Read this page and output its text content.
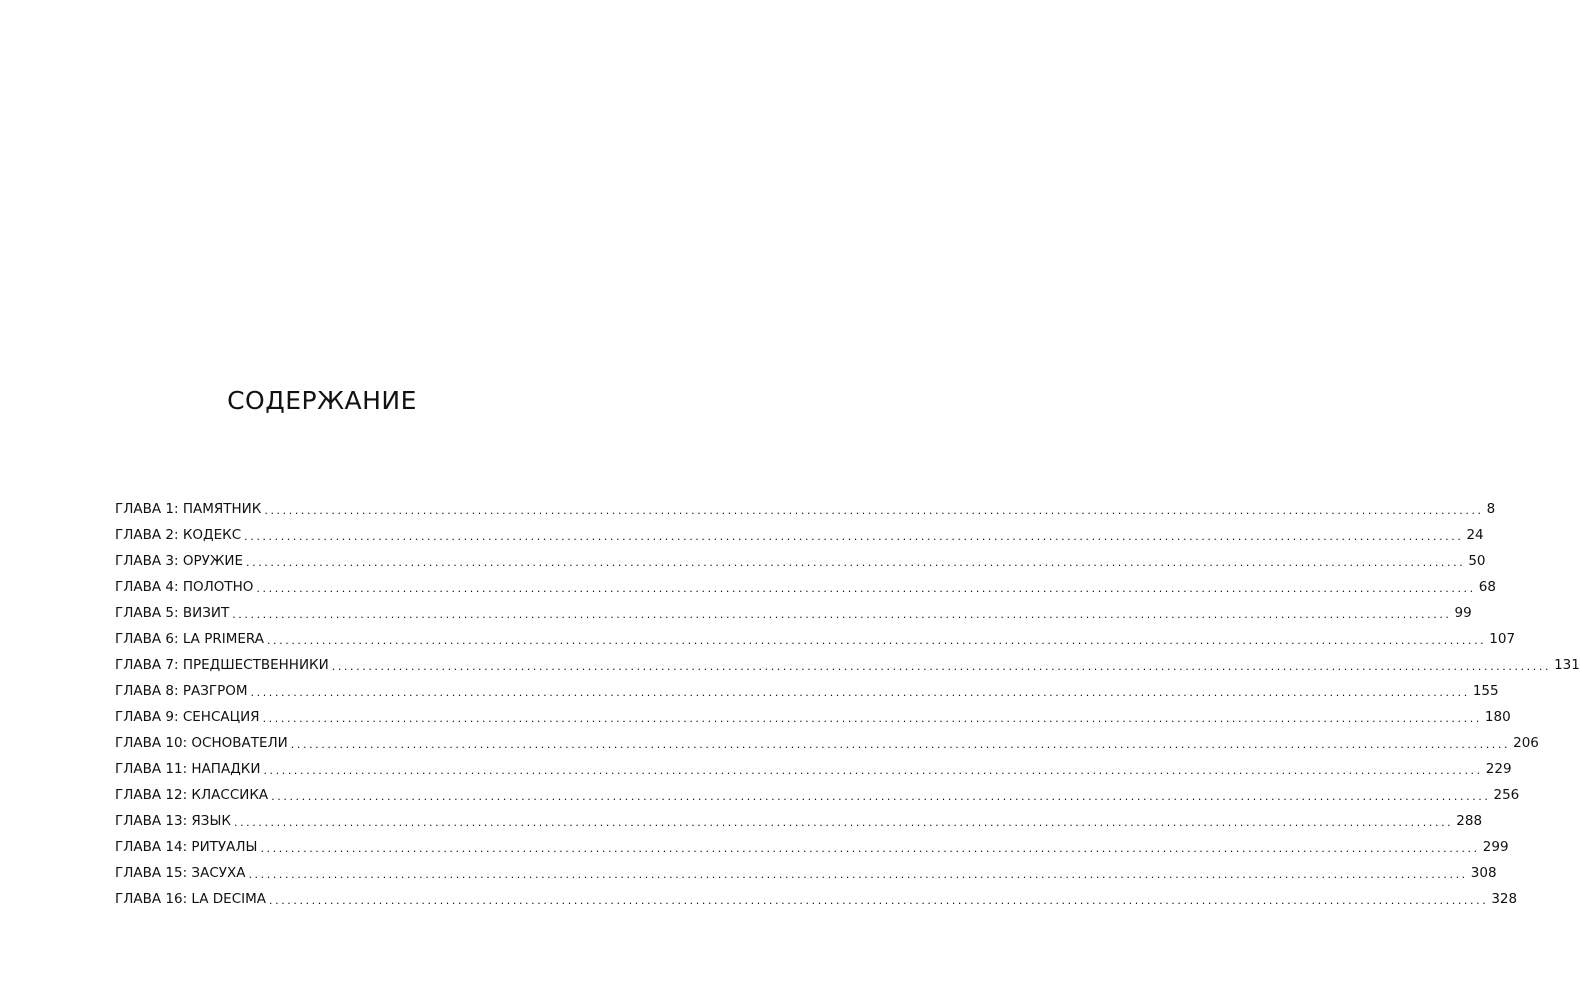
СОДЕРЖАНИЕ
ГЛАВА 1: ПАМЯТНИК ........................................................................................................................................................................................................ 8
ГЛАВА 2: КОДЕКС ........................................................................................................................................................................................................ 24
ГЛАВА 3: ОРУЖИЕ ........................................................................................................................................................................................................ 50
ГЛАВА 4: ПОЛОТНО ........................................................................................................................................................................................................ 68
ГЛАВА 5: ВИЗИТ ........................................................................................................................................................................................................ 99
ГЛАВА 6: LA PRIMERA ........................................................................................................................................................................................................ 107
ГЛАВА 7: ПРЕДШЕСТВЕННИКИ ........................................................................................................................................................................................................ 131
ГЛАВА 8: РАЗГРОМ ........................................................................................................................................................................................................ 155
ГЛАВА 9: СЕНСАЦИЯ ........................................................................................................................................................................................................ 180
ГЛАВА 10: ОСНОВАТЕЛИ ........................................................................................................................................................................................................ 206
ГЛАВА 11: НАПАДКИ ........................................................................................................................................................................................................ 229
ГЛАВА 12: КЛАССИКА ........................................................................................................................................................................................................ 256
ГЛАВА 13: ЯЗЫК ........................................................................................................................................................................................................ 288
ГЛАВА 14: РИТУАЛЫ ........................................................................................................................................................................................................ 299
ГЛАВА 15: ЗАСУХА ........................................................................................................................................................................................................ 308
ГЛАВА 16: LA DECIMA ........................................................................................................................................................................................................ 328
